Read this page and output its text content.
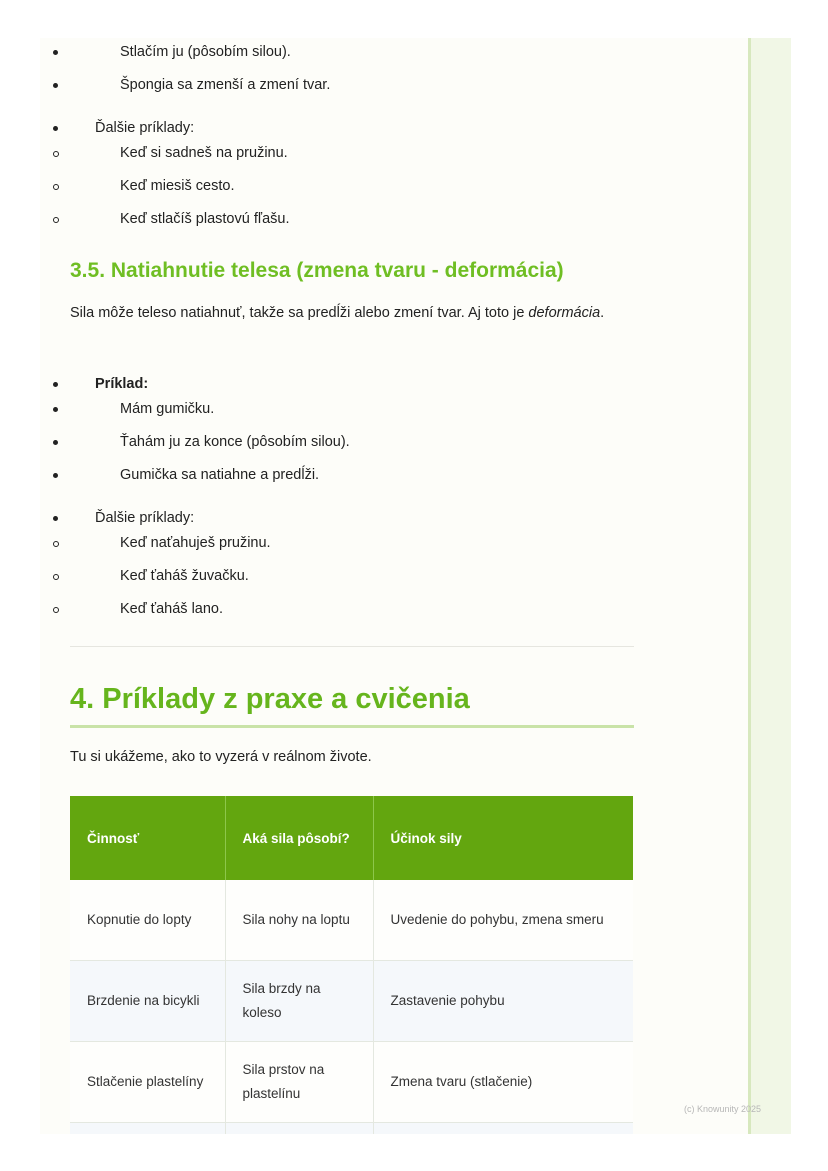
Stlačím ju (pôsobím silou).
Špongia sa zmenší a zmení tvar.
Ďalšie príklady:
Keď si sadneš na pružinu.
Keď miesiš cesto.
Keď stlačíš plastovú fľašu.
3.5. Natiahnutie telesa (zmena tvaru - deformácia)
Sila môže teleso natiahnuť, takže sa predĺži alebo zmení tvar. Aj toto je deformácia.
Príklad:
Mám gumičku.
Ťahám ju za konce (pôsobím silou).
Gumička sa natiahne a predĺži.
Ďalšie príklady:
Keď naťahuješ pružinu.
Keď ťaháš žuvačku.
Keď ťaháš lano.
4. Príklady z praxe a cvičenia
Tu si ukážeme, ako to vyzerá v reálnom živote.
Činnosť	Aká sila pôsobí?	Účinok sily
Kopnutie do lopty	Sila nohy na loptu	Uvedenie do pohybu, zmena smeru
Brzdenie na bicykli	Sila brzdy na koleso	Zastavenie pohybu
Stlačenie plastelíny	Sila prstov na plastelínu	Zmena tvaru (stlačenie)

(c) Knowunity 2025
